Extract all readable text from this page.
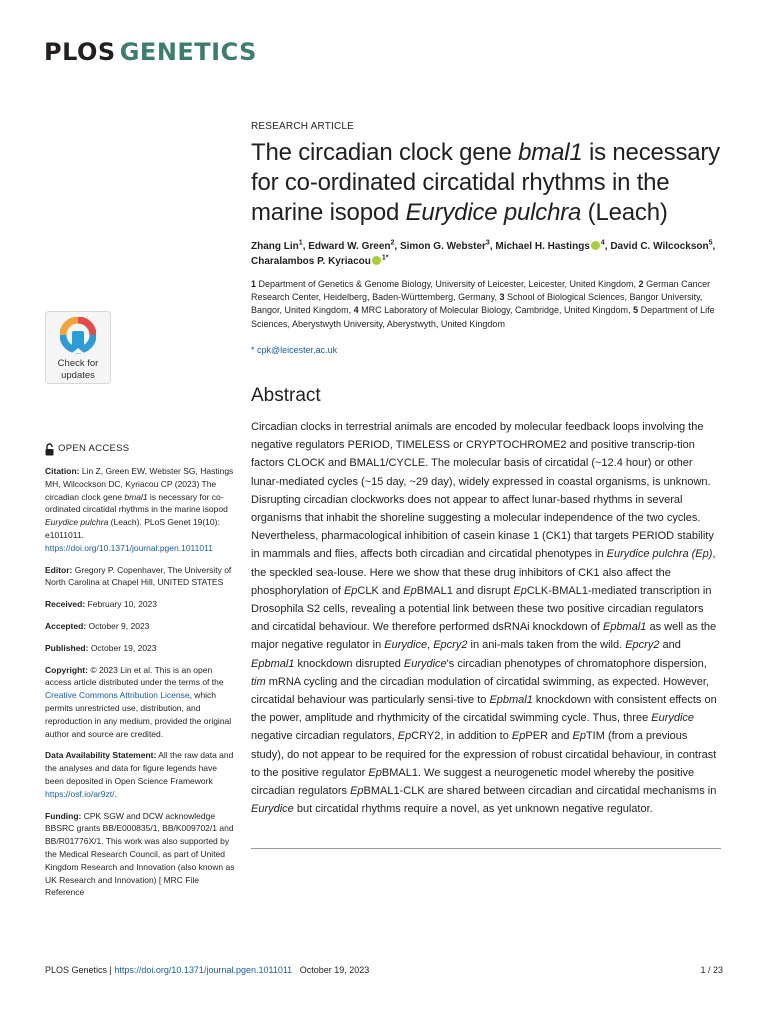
PLOS GENETICS
Check for
updates
RESEARCH ARTICLE
The circadian clock gene bmal1 is necessary for co-ordinated circatidal rhythms in the marine isopod Eurydice pulchra (Leach)
Zhang Lin$^1$, Edward W. Green$^2$, Simon G. Webster$^3$, Michael H. Hastings $^4$, David C. Wilcockson$^5$, Charalambos P. Kyriacou $^{1*}$
1 Department of Genetics & Genome Biology, University of Leicester, Leicester, United Kingdom, 2 German Cancer Research Center, Heidelberg, Baden-Württemberg, Germany, 3 School of Biological Sciences, Bangor University, Bangor, United Kingdom, 4 MRC Laboratory of Molecular Biology, Cambridge, United Kingdom, 5 Department of Life Sciences, Aberystwyth University, Aberystwyth, United Kingdom
* cpk@leicester.ac.uk
Abstract
Circadian clocks in terrestrial animals are encoded by molecular feedback loops involving the negative regulators PERIOD, TIMELESS or CRYPTOCHROME2 and positive transcrip-tion factors CLOCK and BMAL1/CYCLE. The molecular basis of circatidal (~12.4 hour) or other lunar-mediated cycles (~15 day, ~29 day), widely expressed in coastal organisms, is unknown. Disrupting circadian clockworks does not appear to affect lunar-based rhythms in several organisms that inhabit the shoreline suggesting a molecular independence of the two cycles. Nevertheless, pharmacological inhibition of casein kinase 1 (CK1) that targets PERIOD stability in mammals and flies, affects both circadian and circatidal phenotypes in Eurydice pulchra (Ep), the speckled sea-louse. Here we show that these drug inhibitors of CK1 also affect the phosphorylation of EpCLK and EpBMAL1 and disrupt EpCLK-BMAL1-mediated transcription in Drosophila S2 cells, revealing a potential link between these two positive circadian regulators and circatidal behaviour. We therefore performed dsRNAi knockdown of Epbmal1 as well as the major negative regulator in Eurydice, Epcry2 in ani-mals taken from the wild. Epcry2 and Epbmal1 knockdown disrupted Eurydice's circadian phenotypes of chromatophore dispersion, tim mRNA cycling and the circadian modulation of circatidal swimming, as expected. However, circatidal behaviour was particularly sensi-tive to Epbmal1 knockdown with consistent effects on the power, amplitude and rhythmicity of the circatidal swimming cycle. Thus, three Eurydice negative circadian regulators, EpCRY2, in addition to EpPER and EpTIM (from a previous study), do not appear to be required for the expression of robust circatidal behaviour, in contrast to the positive regulator EpBMAL1. We suggest a neurogenetic model whereby the positive circadian regulators EpBMAL1-CLK are shared between circadian and circatidal mechanisms in Eurydice but circatidal rhythms require a novel, as yet unknown negative regulator.
OPEN ACCESS

Citation: Lin Z, Green EW, Webster SG, Hastings MH, Wilcockson DC, Kyriacou CP (2023) The circadian clock gene bmal1 is necessary for co-ordinated circatidal rhythms in the marine isopod Eurydice pulchra (Leach). PLoS Genet 19(10): e1011011. https://doi.org/10.1371/journal.pgen.1011011

Editor: Gregory P. Copenhaver, The University of North Carolina at Chapel Hill, UNITED STATES

Received: February 10, 2023

Accepted: October 9, 2023

Published: October 19, 2023

Copyright: © 2023 Lin et al. This is an open access article distributed under the terms of the Creative Commons Attribution License, which permits unrestricted use, distribution, and reproduction in any medium, provided the original author and source are credited.

Data Availability Statement: All the raw data and the analyses and data for figure legends have been deposited in Open Science Framework https://osf.io/ar9zt/.

Funding: CPK SGW and DCW acknowledge BBSRC grants BB/E000835/1, BB/K009702/1 and BB/R01776X/1. This work was also supported by the Medical Research Council, as part of United Kingdom Research and Innovation (also known as UK Research and Innovation) [ MRC File Reference

PLOS Genetics | https://doi.org/10.1371/journal.pgen.1011011   October 19, 2023	1 / 23
